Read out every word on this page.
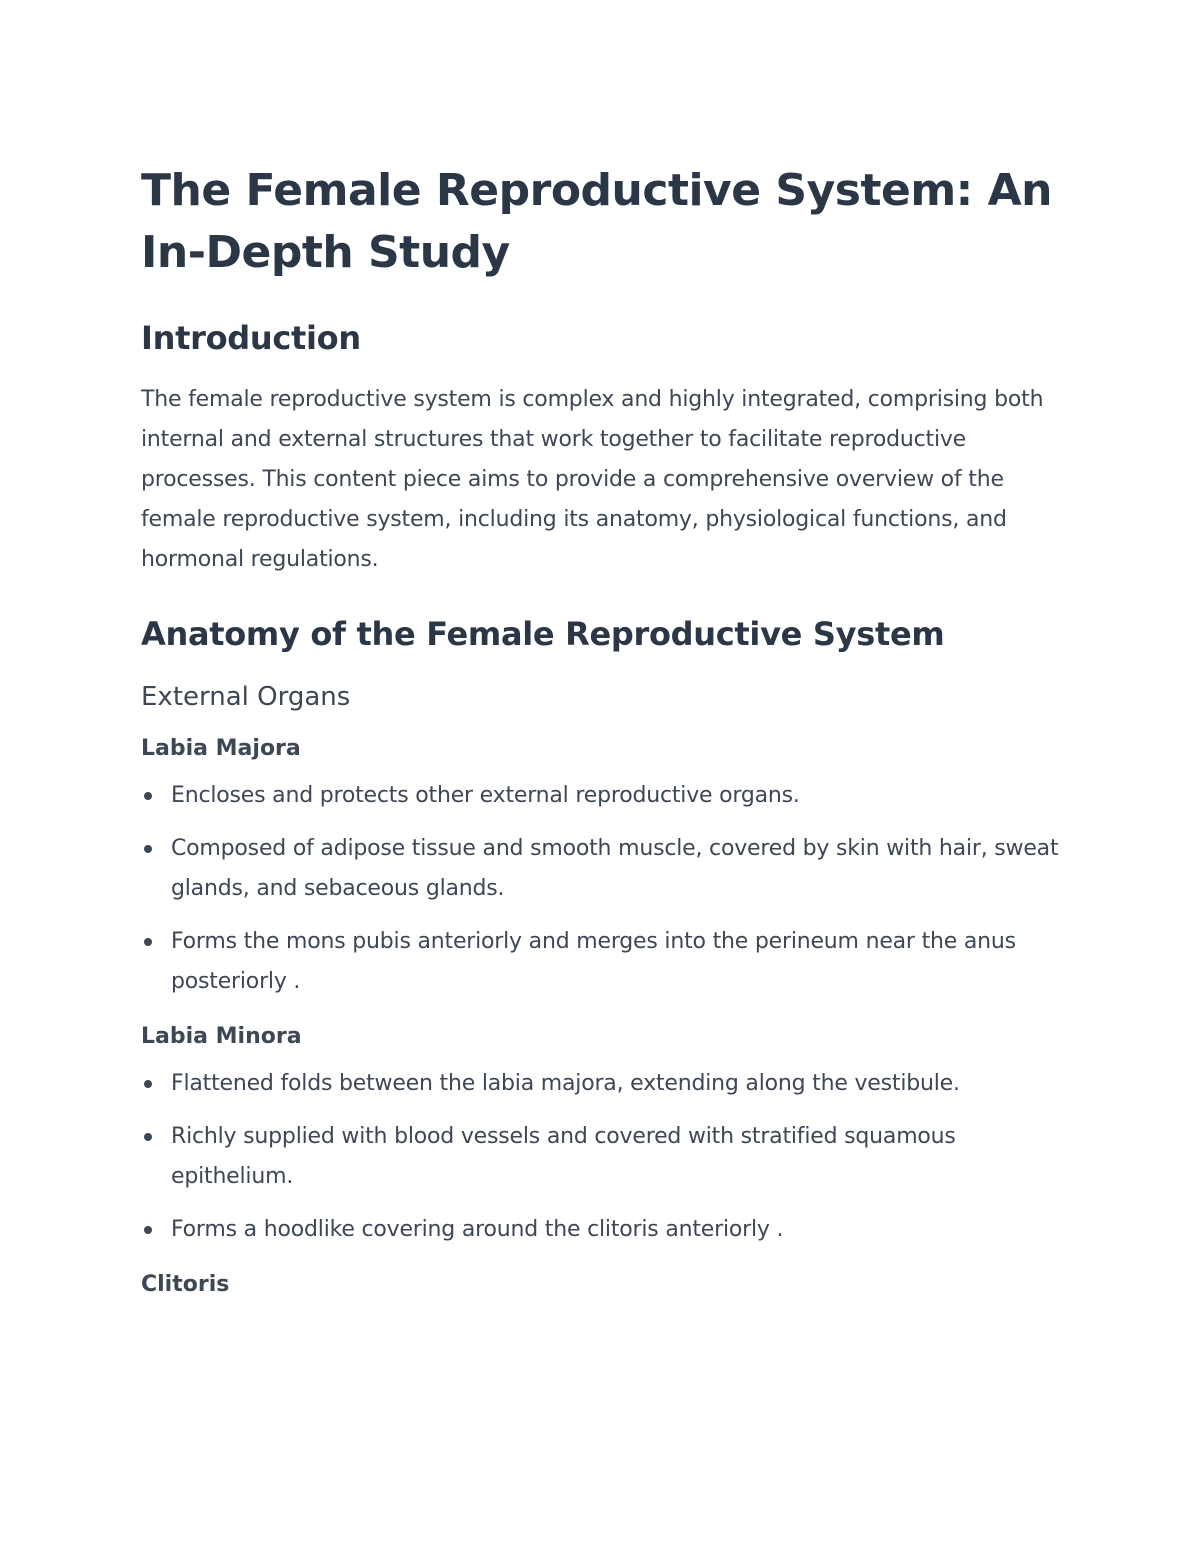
The Female Reproductive System: An In-Depth Study
Introduction

The female reproductive system is complex and highly integrated, comprising both internal and external structures that work together to facilitate reproductive processes. This content piece aims to provide a comprehensive overview of the female reproductive system, including its anatomy, physiological functions, and hormonal regulations.

Anatomy of the Female Reproductive System
External Organs
Labia Majora
Encloses and protects other external reproductive organs.
Composed of adipose tissue and smooth muscle, covered by skin with hair, sweat glands, and sebaceous glands.
Forms the mons pubis anteriorly and merges into the perineum near the anus posteriorly .
Labia Minora
Flattened folds between the labia majora, extending along the vestibule.
Richly supplied with blood vessels and covered with stratified squamous epithelium.
Forms a hoodlike covering around the clitoris anteriorly .
Clitoris
